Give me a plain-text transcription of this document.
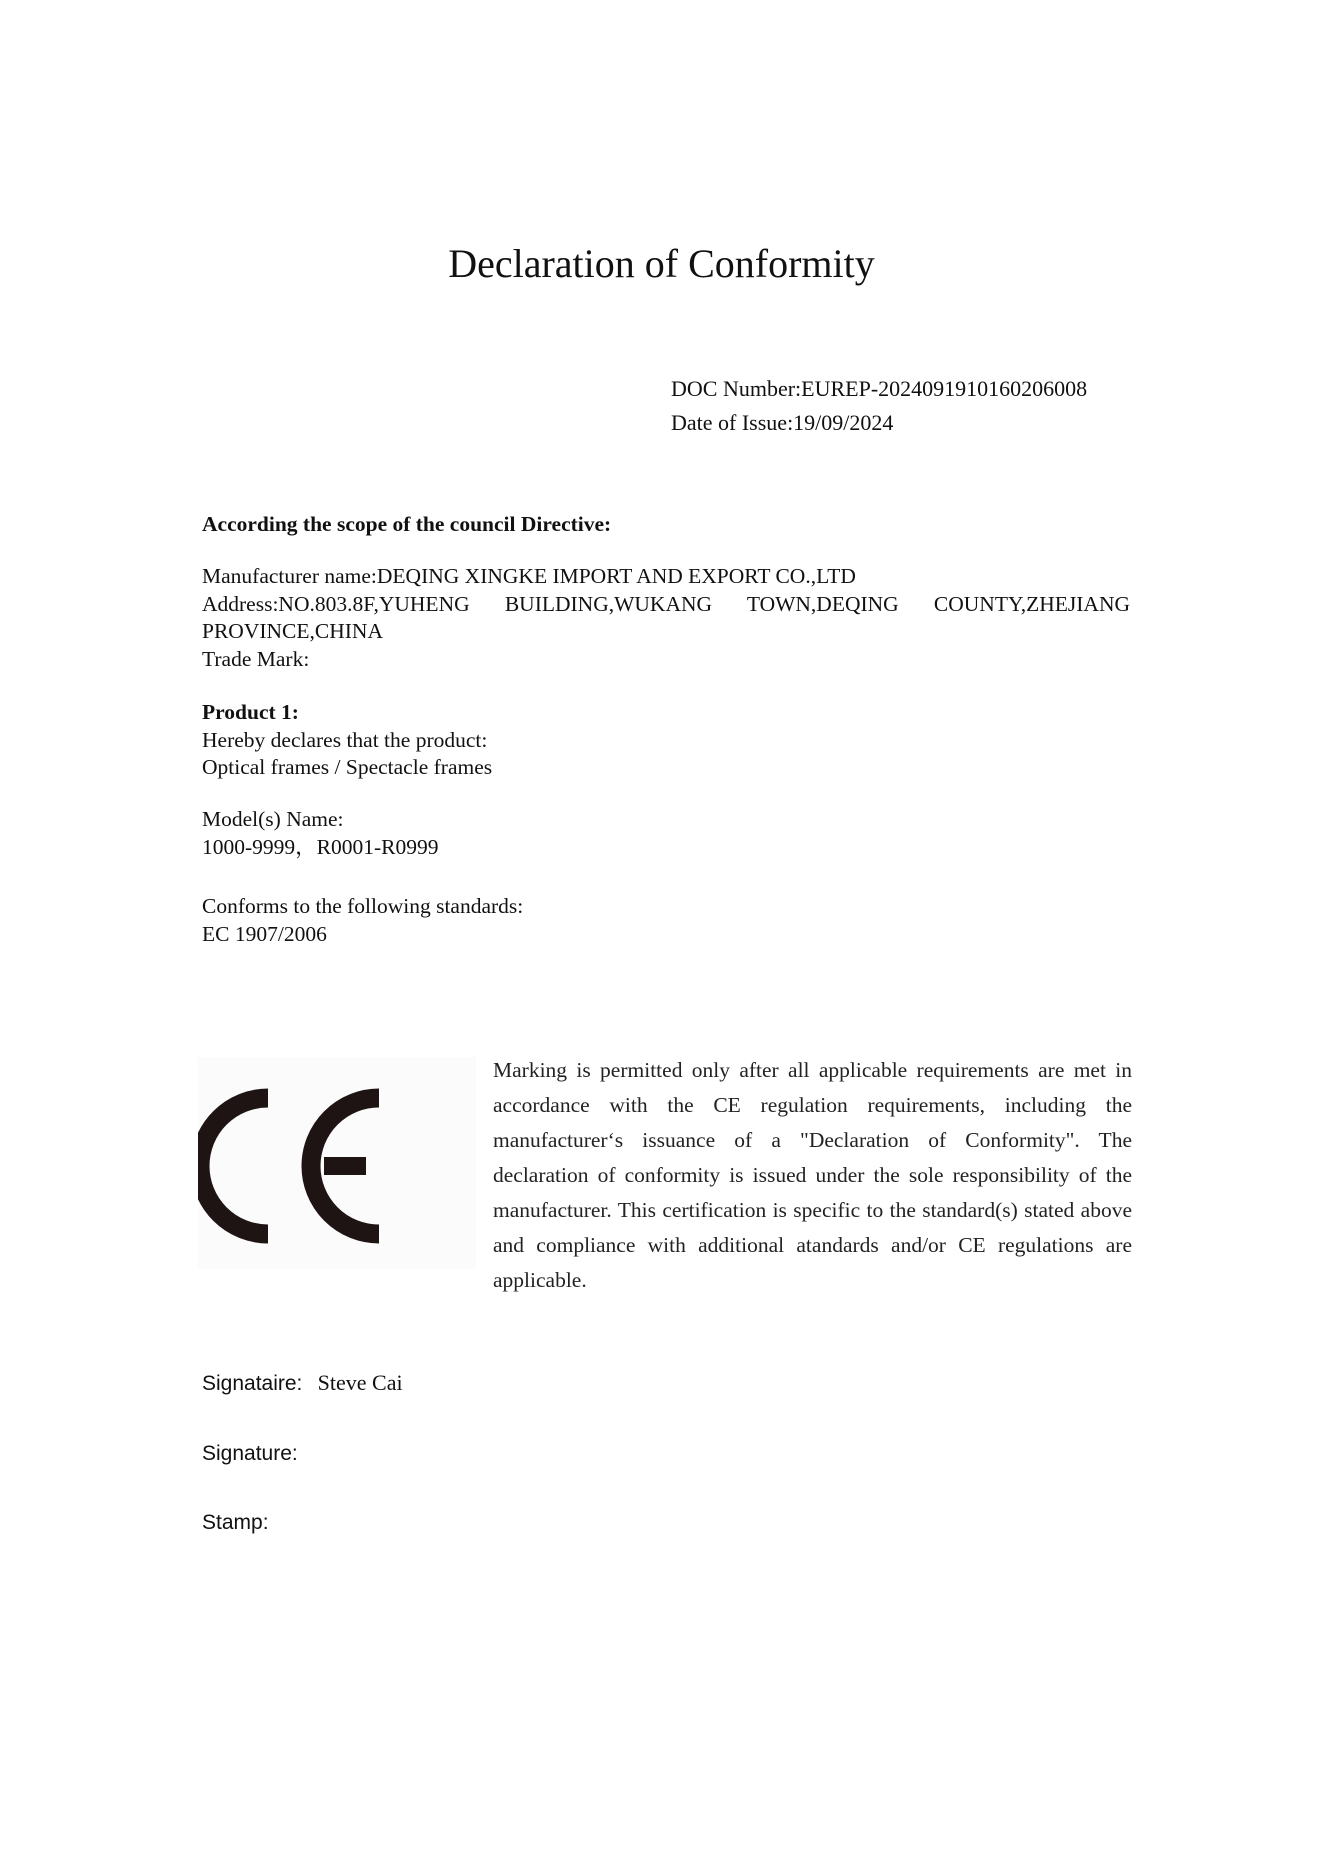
Declaration of Conformity
DOC Number:EUREP-2024091910160206008
Date of Issue:19/09/2024
According the scope of the council Directive:
Manufacturer name:DEQING XINGKE IMPORT AND EXPORT CO.,LTD
Address:NO.803.8F,YUHENG BUILDING,WUKANG TOWN,DEQING COUNTY,ZHEJIANG PROVINCE,CHINA
Trade Mark:
Product 1:
Hereby declares that the product:
Optical frames / Spectacle frames
Model(s) Name:
1000-9999，R0001-R0999
Conforms to the following standards:
EC 1907/2006
Marking is permitted only after all applicable requirements are met in accordance with the CE regulation requirements, including the manufacturer‘s issuance of a "Declaration of Conformity". The declaration of conformity is issued under the sole responsibility of the manufacturer. This certification is specific to the standard(s) stated above and compliance with additional atandards and/or CE regulations are applicable.
Signataire: Steve Cai
Signature:
Stamp:
